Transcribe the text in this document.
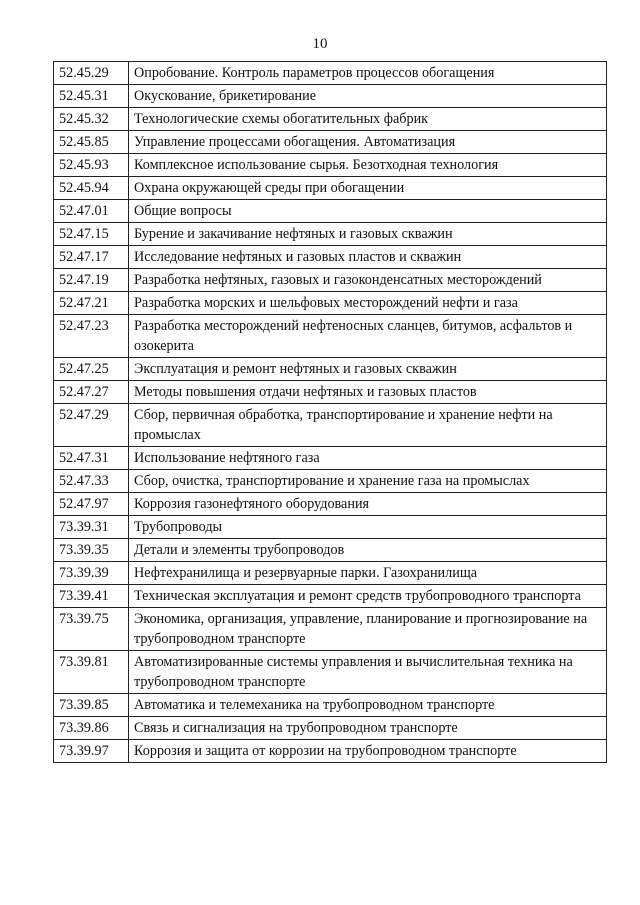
10
52.45.29	Опробование. Контроль параметров процессов обогащения
52.45.31	Окускование, брикетирование
52.45.32	Технологические схемы обогатительных фабрик
52.45.85	Управление процессами обогащения. Автоматизация
52.45.93	Комплексное использование сырья. Безотходная технология
52.45.94	Охрана окружающей среды при обогащении
52.47.01	Общие вопросы
52.47.15	Бурение и закачивание нефтяных и газовых скважин
52.47.17	Исследование нефтяных и газовых пластов и скважин
52.47.19	Разработка нефтяных, газовых и газоконденсатных месторождений
52.47.21	Разработка морских и шельфовых месторождений нефти и газа
52.47.23	Разработка месторождений нефтеносных сланцев, битумов, асфальтов и озокерита
52.47.25	Эксплуатация и ремонт нефтяных и газовых скважин
52.47.27	Методы повышения отдачи нефтяных и газовых пластов
52.47.29	Сбор, первичная обработка, транспортирование и хранение нефти на промыслах
52.47.31	Использование нефтяного газа
52.47.33	Сбор, очистка, транспортирование и хранение газа на промыслах
52.47.97	Коррозия газонефтяного оборудования
73.39.31	Трубопроводы
73.39.35	Детали и элементы трубопроводов
73.39.39	Нефтехранилища и резервуарные парки. Газохранилища
73.39.41	Техническая эксплуатация и ремонт средств трубопроводного транспорта
73.39.75	Экономика, организация, управление, планирование и прогнозирование на трубопроводном транспорте
73.39.81	Автоматизированные системы управления и вычислительная техника на трубопроводном транспорте
73.39.85	Автоматика и телемеханика на трубопроводном транспорте
73.39.86	Связь и сигнализация на трубопроводном транспорте
73.39.97	Коррозия и защита от коррозии на трубопроводном транспорте
